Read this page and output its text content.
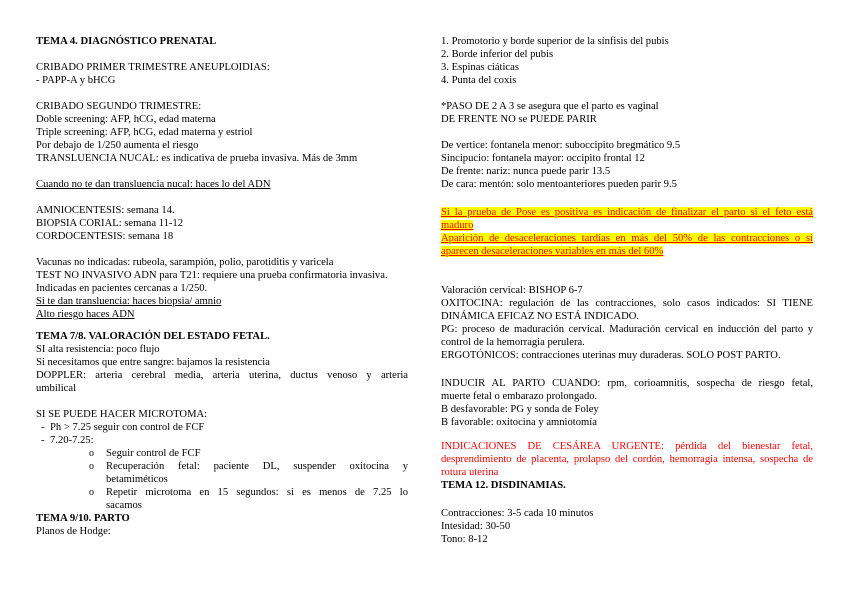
TEMA 4. DIAGNÓSTICO PRENATAL
CRIBADO PRIMER TRIMESTRE ANEUPLOIDIAS:
- PAPP-A y bHCG
CRIBADO SEGUNDO TRIMESTRE:
Doble screening: AFP, hCG, edad materna
Triple screening: AFP, hCG, edad materna y estriol
Por debajo de 1/250 aumenta el riesgo
TRANSLUENCIA NUCAL: es indicativa de prueba invasiva. Más de 3mm
Cuando no te dan transluencia nucal: haces lo del ADN
AMNIOCENTESIS: semana 14.
BIOPSIA CORIAL: semana 11-12
CORDOCENTESIS: semana 18
Vacunas no indicadas: rubeola, sarampión, polio, parotiditis y varicela
TEST NO INVASIVO ADN para T21: requiere una prueba confirmatoria invasiva.
Indicadas en pacientes cercanas a 1/250.
Si te dan transluencia: haces biopsia/ amnio
Alto riesgo haces ADN
TEMA 7/8. VALORACIÓN DEL ESTADO FETAL.
SI alta resistencia: poco flujo
Si necesitamos que entre sangre: bajamos la resistencia
DOPPLER: arteria cerebral media, arteria uterina, ductus venoso y arteria
umbilical
SI SE PUEDE HACER MICROTOMA:
- Ph > 7.25 seguir con control de FCF
- 7.20-7.25:
o Seguir control de FCF
o Recuperación fetal: paciente DL, suspender oxitocina y
betamiméticos
o Repetir microtoma en 15 segundos: si es menos de 7.25 lo
sacamos
TEMA 9/10. PARTO
Planos de Hodge:
1. Promotorio y borde superior de la sínfisis del pubis
2. Borde inferior del pubis
3. Espinas ciáticas
4. Punta del coxis
*PASO DE 2 A 3 se asegura que el parto es vaginal
DE FRENTE NO se PUEDE PARIR
De vertice: fontanela menor: suboccipito bregmático 9.5
Sincipucio: fontanela mayor: occipito frontal 12
De frente: nariz: nunca puede parir 13.5
De cara: mentón: solo mentoanteriores pueden parir 9.5
Si la prueba de Pose es positiva es indicación de finalizar el parto si el feto está
maduro
Aparición de desaceleraciones tardías en más del 50% de las contracciones o si
aparecen desaceleraciones variables en más del 60%
Valoración cervical: BISHOP 6-7
OXITOCINA: regulación de las contracciones, solo casos indicados: SI TIENE
DINÁMICA EFICAZ NO ESTÁ INDICADO.
PG: proceso de maduración cervical. Maduración cervical en inducción del parto y
control de la hemorragia perulera.
ERGOTÓNICOS: contracciones uterinas muy duraderas. SOLO POST PARTO.
INDUCIR AL PARTO CUANDO: rpm, corioamnitis, sospecha de riesgo fetal,
muerte fetal o embarazo prolongado.
B desfavorable: PG y sonda de Foley
B favorable: oxitocina y amniotomía
INDICACIONES DE CESÁREA URGENTE: pérdida del bienestar fetal,
desprendimiento de placenta, prolapso del cordón, hemorragia intensa, sospecha de
rotura uterina
TEMA 12. DISDINAMIAS.
Contracciones: 3-5 cada 10 minutos
Intesidad: 30-50
Tono: 8-12
